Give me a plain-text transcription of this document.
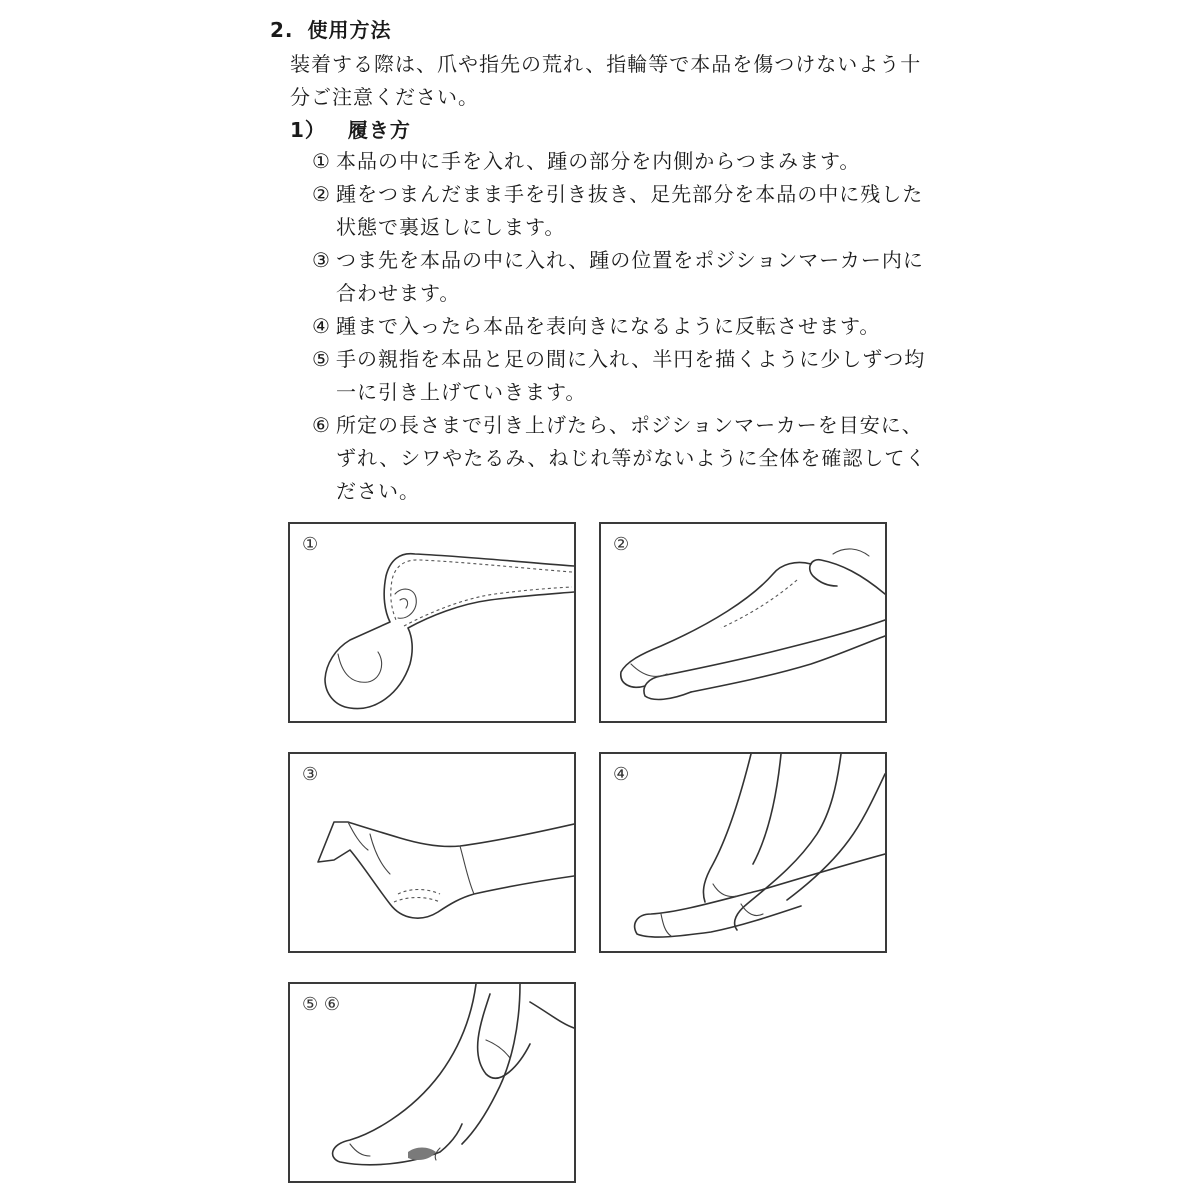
2. 使用方法

装着する際は、爪や指先の荒れ、指輪等で本品を傷つけないよう十分ご注意ください。

1） 履き方
① 本品の中に手を入れ、踵の部分を内側からつまみます。
② 踵をつまんだまま手を引き抜き、足先部分を本品の中に残した状態で裏返しにします。
③ つま先を本品の中に入れ、踵の位置をポジションマーカー内に合わせます。
④ 踵まで入ったら本品を表向きになるように反転させます。
⑤ 手の親指を本品と足の間に入れ、半円を描くように少しずつ均一に引き上げていきます。
⑥ 所定の長さまで引き上げたら、ポジションマーカーを目安に、ずれ、シワやたるみ、ねじれ等がないように全体を確認してください。
①	②
③	④
⑤ ⑥
